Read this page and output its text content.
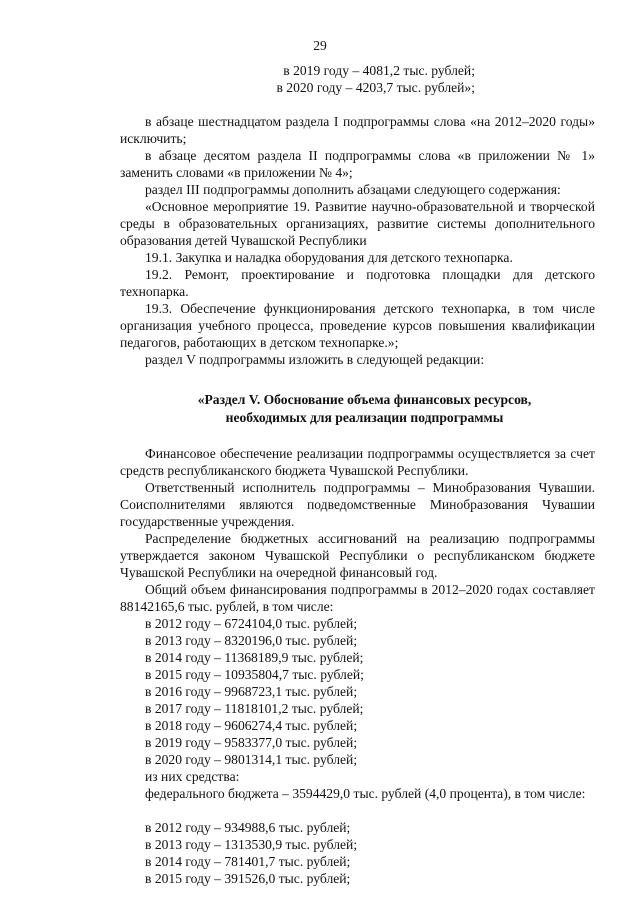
29

в 2019 году – 4081,2 тыс. рублей;

в 2020 году – 4203,7 тыс. рублей»;

в абзаце шестнадцатом раздела I подпрограммы слова «на 2012–2020 годы» исключить;

в абзаце десятом раздела II подпрограммы слова «в приложении № 1» заменить словами «в приложении № 4»;

раздел III подпрограммы дополнить абзацами следующего содержания:

«Основное мероприятие 19. Развитие научно-образовательной и творческой среды в образовательных организациях, развитие системы дополнительного образования детей Чувашской Республики

19.1. Закупка и наладка оборудования для детского технопарка.

19.2. Ремонт, проектирование и подготовка площадки для детского технопарка.

19.3. Обеспечение функционирования детского технопарка, в том числе организация учебного процесса, проведение курсов повышения квалификации педагогов, работающих в детском технопарке.»;

раздел V подпрограммы изложить в следующей редакции:

«Раздел V. Обоснование объема финансовых ресурсов,

необходимых для реализации подпрограммы

Финансовое обеспечение реализации подпрограммы осуществляется за счет средств республиканского бюджета Чувашской Республики.

Ответственный исполнитель подпрограммы – Минобразования Чувашии. Соисполнителями являются подведомственные Минобразования Чувашии государственные учреждения.

Распределение бюджетных ассигнований на реализацию подпрограммы утверждается законом Чувашской Республики о республиканском бюджете Чувашской Республики на очередной финансовый год.

Общий объем финансирования подпрограммы в 2012–2020 годах составляет 88142165,6 тыс. рублей, в том числе:

в 2012 году – 6724104,0 тыс. рублей;

в 2013 году – 8320196,0 тыс. рублей;

в 2014 году – 11368189,9 тыс. рублей;

в 2015 году – 10935804,7 тыс. рублей;

в 2016 году – 9968723,1 тыс. рублей;

в 2017 году – 11818101,2 тыс. рублей;

в 2018 году – 9606274,4 тыс. рублей;

в 2019 году – 9583377,0 тыс. рублей;

в 2020 году – 9801314,1 тыс. рублей;

из них средства:

федерального бюджета – 3594429,0 тыс. рублей (4,0 процента), в том числе:

в 2012 году – 934988,6 тыс. рублей;

в 2013 году – 1313530,9 тыс. рублей;

в 2014 году – 781401,7 тыс. рублей;

в 2015 году – 391526,0 тыс. рублей;
